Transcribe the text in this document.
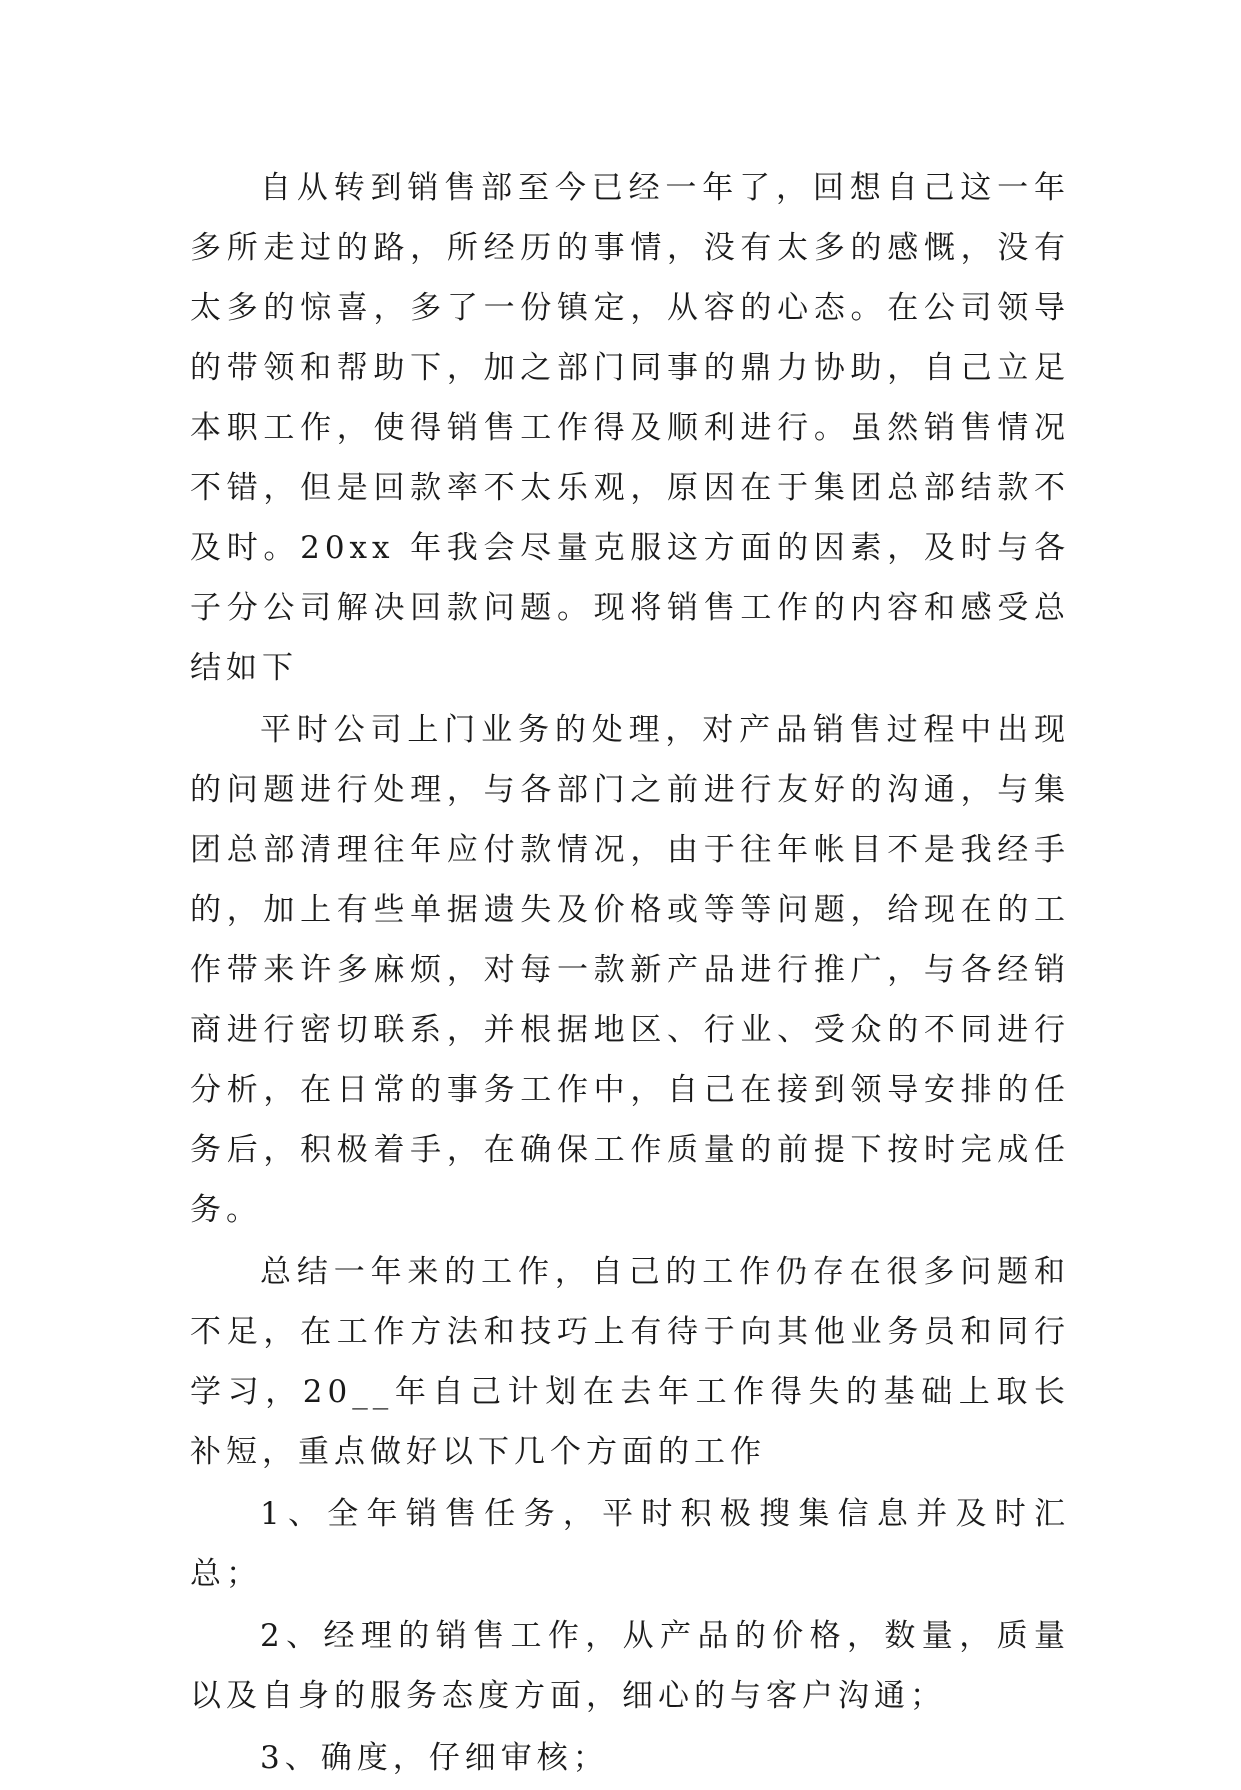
自从转到销售部至今已经一年了，回想自己这一年多所走过的路，所经历的事情，没有太多的感慨，没有太多的惊喜，多了一份镇定，从容的心态。在公司领导的带领和帮助下，加之部门同事的鼎力协助，自己立足本职工作，使得销售工作得及顺利进行。虽然销售情况不错，但是回款率不太乐观，原因在于集团总部结款不及时。20xx 年我会尽量克服这方面的因素，及时与各子分公司解决回款问题。现将销售工作的内容和感受总结如下

平时公司上门业务的处理，对产品销售过程中出现的问题进行处理，与各部门之前进行友好的沟通，与集团总部清理往年应付款情况，由于往年帐目不是我经手的，加上有些单据遗失及价格或等等问题，给现在的工作带来许多麻烦，对每一款新产品进行推广，与各经销商进行密切联系，并根据地区、行业、受众的不同进行分析，在日常的事务工作中，自己在接到领导安排的任务后，积极着手，在确保工作质量的前提下按时完成任务。

总结一年来的工作，自己的工作仍存在很多问题和不足，在工作方法和技巧上有待于向其他业务员和同行学习，20__年自己计划在去年工作得失的基础上取长补短，重点做好以下几个方面的工作

1、全年销售任务，平时积极搜集信息并及时汇总；

2、经理的销售工作，从产品的价格，数量，质量以及自身的服务态度方面，细心的与客户沟通；

3、确度，仔细审核；
